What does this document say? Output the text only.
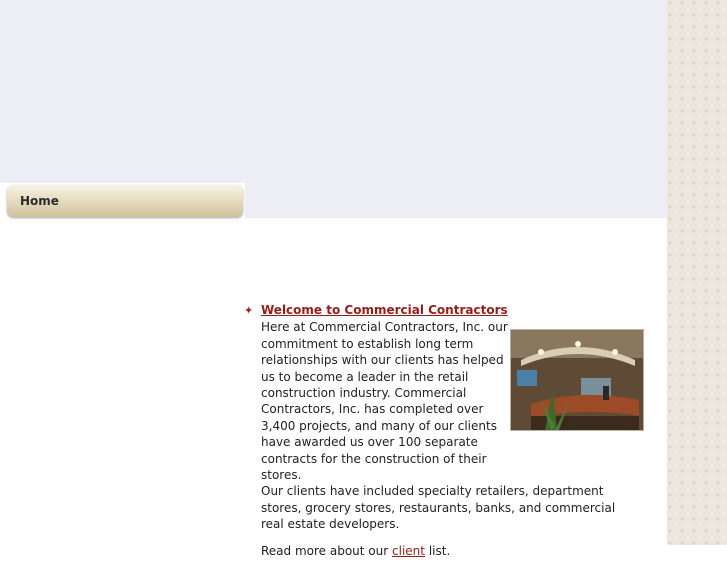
Home
✦ Welcome to Commercial Contractors

Here at Commercial Contractors, Inc. our commitment to establish long term relationships with our clients has helped us to become a leader in the retail construction industry. Commercial Contractors, Inc. has completed over 3,400 projects, and many of our clients have awarded us over 100 separate contracts for the construction of their stores.

Our clients have included specialty retailers, department stores, grocery stores, restaurants, banks, and commercial real estate developers.

Read more about our client list.
